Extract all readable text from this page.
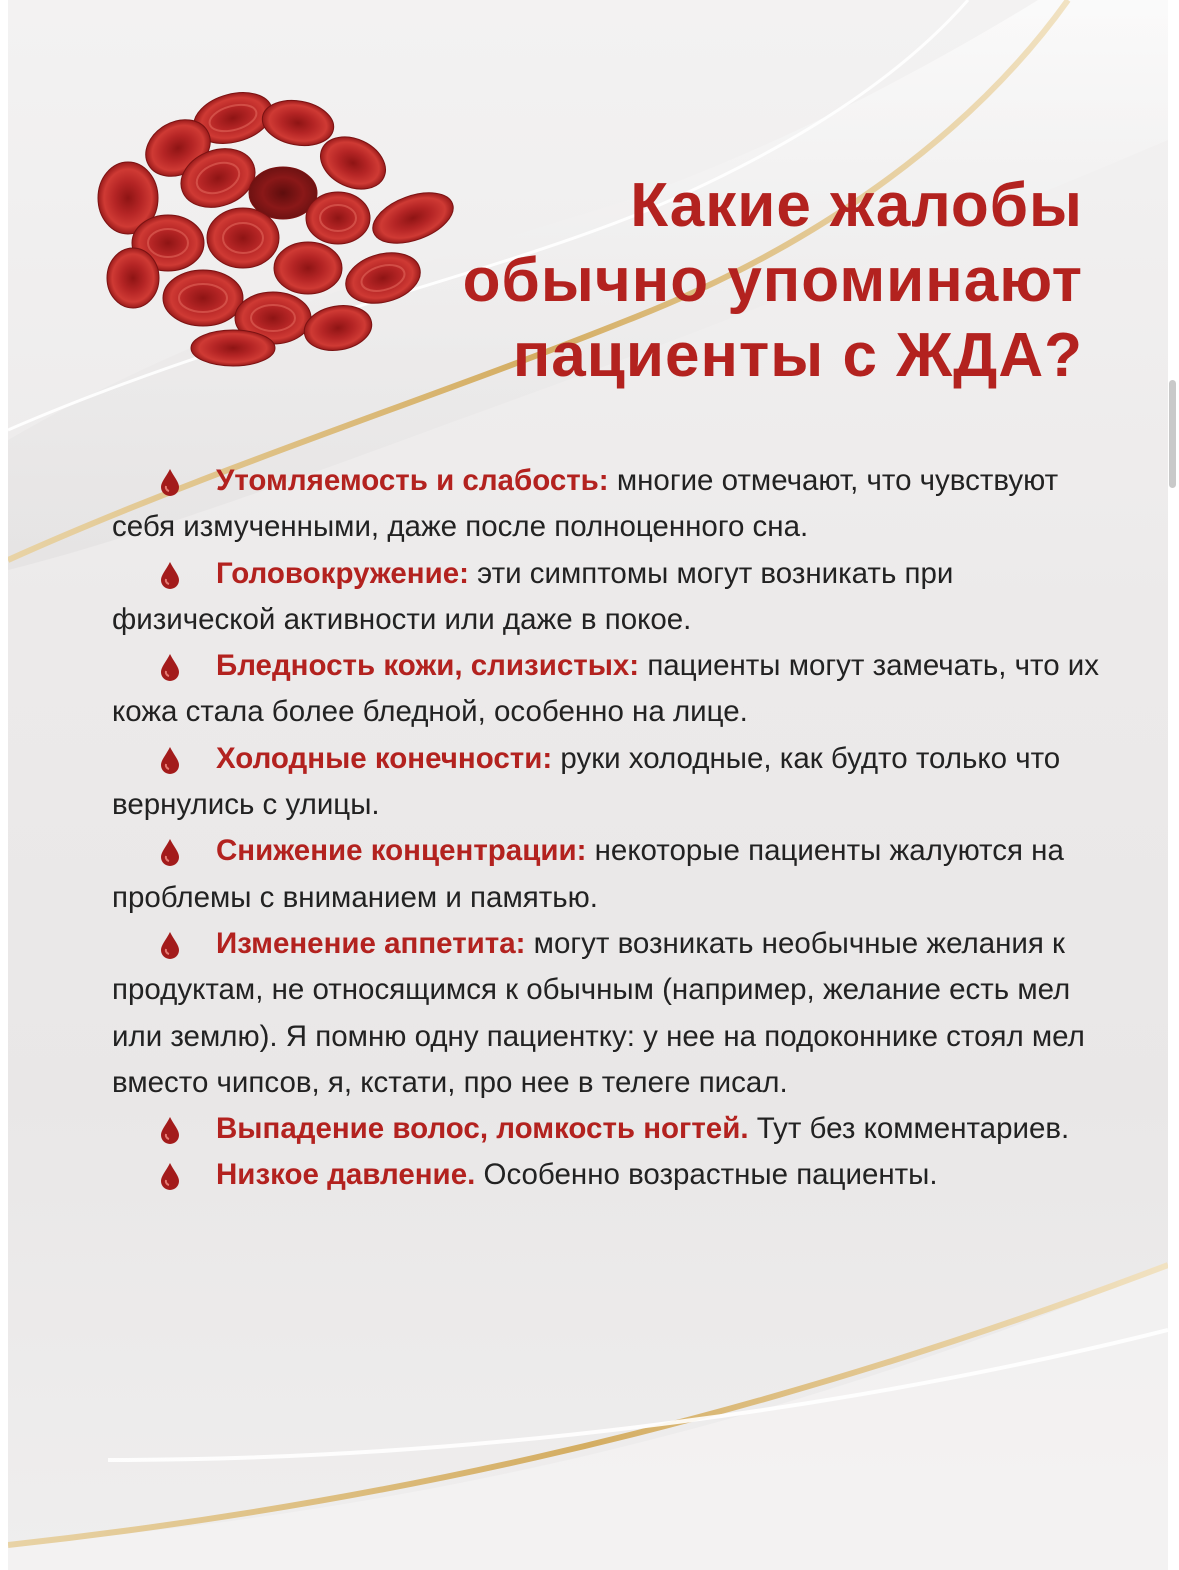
Какие жалобы
обычно упоминают
пациенты с ЖДА?

Утомляемость и слабость: многие отмечают, что чувствуют себя измученными, даже после полноценного сна.

Головокружение: эти симптомы могут возникать при физической активности или даже в покое.

Бледность кожи, слизистых: пациенты могут замечать, что их кожа стала более бледной, особенно на лице.

Холодные конечности: руки холодные, как будто только что вернулись с улицы.

Снижение концентрации: некоторые пациенты жалуются на проблемы с вниманием и памятью.

Изменение аппетита: могут возникать необычные желания к продуктам, не относящимся к обычным (например, желание есть мел или землю). Я помню одну пациентку: у нее на подоконнике стоял мел вместо чипсов, я, кстати, про нее в телеге писал.

Выпадение волос, ломкость ногтей. Тут без комментариев.

Низкое давление. Особенно возрастные пациенты.
